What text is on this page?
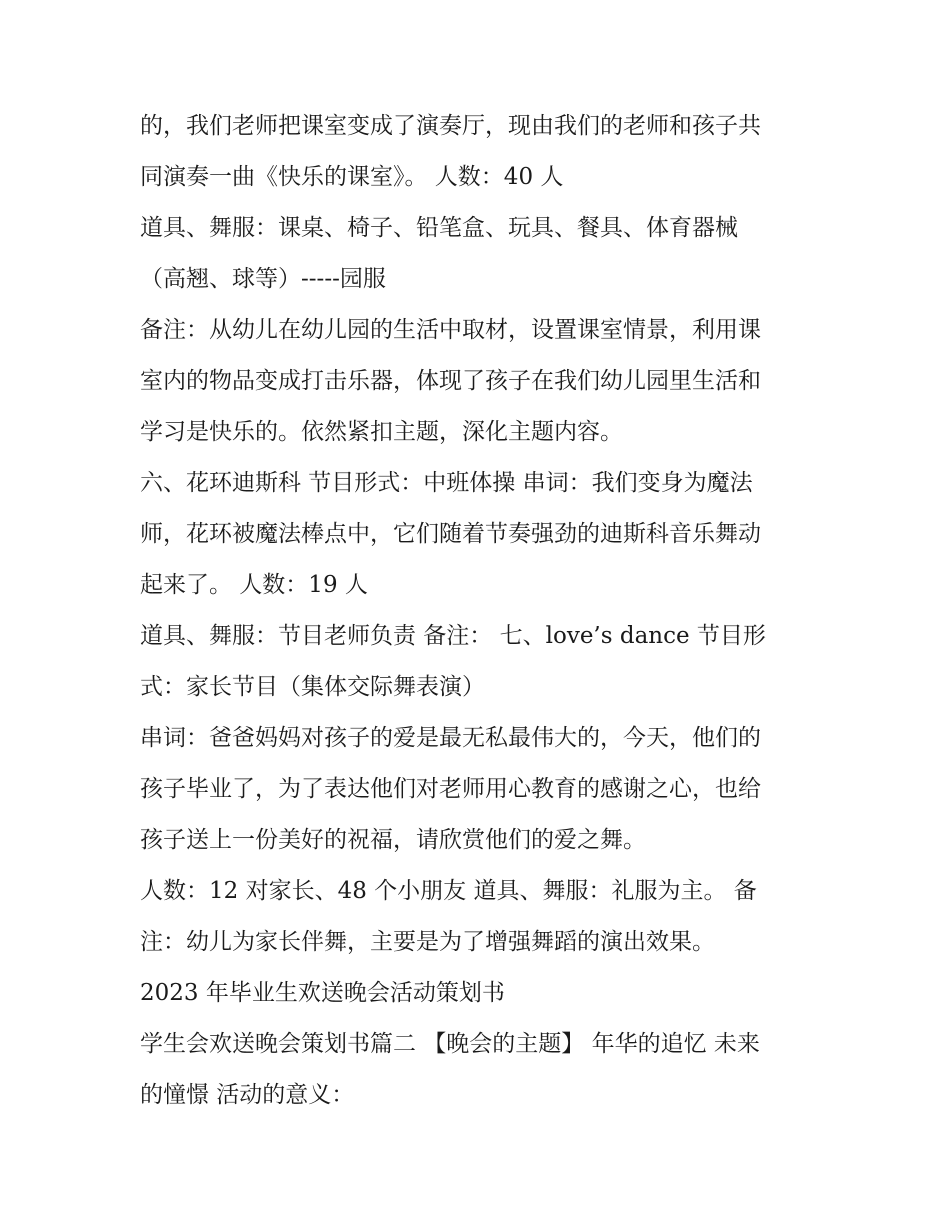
的，我们老师把课室变成了演奏厅，现由我们的老师和孩子共
同演奏一曲《快乐的课室》。 人数：40 人
道具、舞服：课桌、椅子、铅笔盒、玩具、餐具、体育器械
（高翘、球等）-----园服
备注：从幼儿在幼儿园的生活中取材，设置课室情景，利用课
室内的物品变成打击乐器，体现了孩子在我们幼儿园里生活和
学习是快乐的。依然紧扣主题，深化主题内容。
六、花环迪斯科 节目形式：中班体操 串词：我们变身为魔法
师，花环被魔法棒点中，它们随着节奏强劲的迪斯科音乐舞动
起来了。 人数：19 人
道具、舞服：节目老师负责 备注： 七、love’s dance 节目形
式：家长节目（集体交际舞表演）
串词：爸爸妈妈对孩子的爱是最无私最伟大的，今天，他们的
孩子毕业了，为了表达他们对老师用心教育的感谢之心，也给
孩子送上一份美好的祝福，请欣赏他们的爱之舞。
人数：12 对家长、48 个小朋友 道具、舞服：礼服为主。 备
注：幼儿为家长伴舞，主要是为了增强舞蹈的演出效果。
2023 年毕业生欢送晚会活动策划书
学生会欢送晚会策划书篇二 【晚会的主题】 年华的追忆 未来
的憧憬 活动的意义：
